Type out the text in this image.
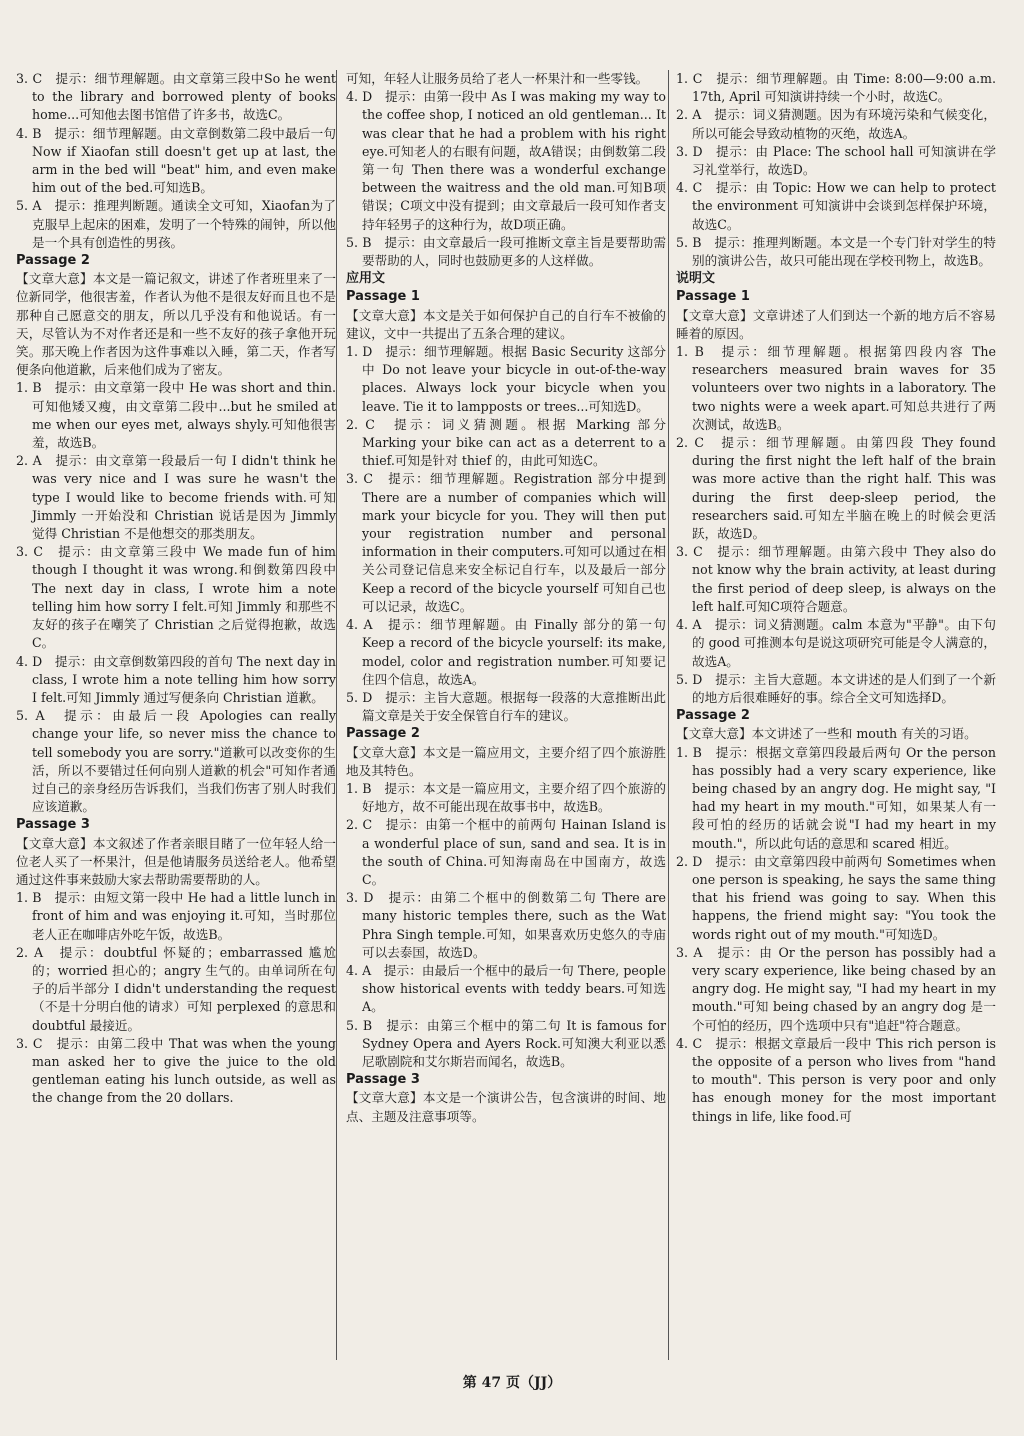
3. C　提示：细节理解题。由文章第三段中So he went to the library and borrowed plenty of books home...可知他去图书馆借了许多书，故选C。

4. B　提示：细节理解题。由文章倒数第二段中最后一句 Now if Xiaofan still doesn't get up at last, the arm in the bed will "beat" him, and even make him out of the bed.可知选B。

5. A　提示：推理判断题。通读全文可知，Xiaofan为了克服早上起床的困难，发明了一个特殊的闹钟，所以他是一个具有创造性的男孩。

Passage 2

【文章大意】本文是一篇记叙文，讲述了作者班里来了一位新同学，他很害羞，作者认为他不是很友好而且也不是那种自己愿意交的朋友，所以几乎没有和他说话。有一天，尽管认为不对作者还是和一些不友好的孩子拿他开玩笑。那天晚上作者因为这件事难以入睡，第二天，作者写便条向他道歉，后来他们成为了密友。

1. B　提示：由文章第一段中 He was short and thin.可知他矮又瘦，由文章第二段中...but he smiled at me when our eyes met, always shyly.可知他很害羞，故选B。

2. A　提示：由文章第一段最后一句 I didn't think he was very nice and I was sure he wasn't the type I would like to become friends with.可知 Jimmly 一开始没和 Christian 说话是因为 Jimmly 觉得 Christian 不是他想交的那类朋友。

3. C　提示：由文章第三段中 We made fun of him though I thought it was wrong.和倒数第四段中 The next day in class, I wrote him a note telling him how sorry I felt.可知 Jimmly 和那些不友好的孩子在嘲笑了 Christian 之后觉得抱歉，故选C。

4. D　提示：由文章倒数第四段的首句 The next day in class, I wrote him a note telling him how sorry I felt.可知 Jimmly 通过写便条向 Christian 道歉。

5. A　提示：由最后一段 Apologies can really change your life, so never miss the chance to tell somebody you are sorry."道歉可以改变你的生活，所以不要错过任何向别人道歉的机会"可知作者通过自己的亲身经历告诉我们，当我们伤害了别人时我们应该道歉。

Passage 3

【文章大意】本文叙述了作者亲眼目睹了一位年轻人给一位老人买了一杯果汁，但是他请服务员送给老人。他希望通过这件事来鼓励大家去帮助需要帮助的人。

1. B　提示：由短文第一段中 He had a little lunch in front of him and was enjoying it.可知，当时那位老人正在咖啡店外吃午饭，故选B。

2. A　提示：doubtful 怀疑的；embarrassed 尴尬的；worried 担心的；angry 生气的。由单词所在句子的后半部分 I didn't understanding the request（不是十分明白他的请求）可知 perplexed 的意思和 doubtful 最接近。

3. C　提示：由第二段中 That was when the young man asked her to give the juice to the old gentleman eating his lunch outside, as well as the change from the 20 dollars.

可知，年轻人让服务员给了老人一杯果汁和一些零钱。

4. D　提示：由第一段中 As I was making my way to the coffee shop, I noticed an old gentleman... It was clear that he had a problem with his right eye.可知老人的右眼有问题，故A错误；由倒数第二段第一句 Then there was a wonderful exchange between the waitress and the old man.可知B项错误；C项文中没有提到；由文章最后一段可知作者支持年轻男子的这种行为，故D项正确。

5. B　提示：由文章最后一段可推断文章主旨是要帮助需要帮助的人，同时也鼓励更多的人这样做。

应用文

Passage 1

【文章大意】本文是关于如何保护自己的自行车不被偷的建议，文中一共提出了五条合理的建议。

1. D　提示：细节理解题。根据 Basic Security 这部分中 Do not leave your bicycle in out-of-the-way places. Always lock your bicycle when you leave. Tie it to lampposts or trees...可知选D。

2. C　提示：词义猜测题。根据 Marking 部分 Marking your bike can act as a deterrent to a thief.可知是针对 thief 的，由此可知选C。

3. C　提示：细节理解题。Registration 部分中提到 There are a number of companies which will mark your bicycle for you. They will then put your registration number and personal information in their computers.可知可以通过在相关公司登记信息来安全标记自行车，以及最后一部分 Keep a record of the bicycle yourself 可知自己也可以记录，故选C。

4. A　提示：细节理解题。由 Finally 部分的第一句 Keep a record of the bicycle yourself: its make, model, color and registration number.可知要记住四个信息，故选A。

5. D　提示：主旨大意题。根据每一段落的大意推断出此篇文章是关于安全保管自行车的建议。

Passage 2

【文章大意】本文是一篇应用文，主要介绍了四个旅游胜地及其特色。

1. B　提示：本文是一篇应用文，主要介绍了四个旅游的好地方，故不可能出现在故事书中，故选B。

2. C　提示：由第一个框中的前两句 Hainan Island is a wonderful place of sun, sand and sea. It is in the south of China.可知海南岛在中国南方，故选C。

3. D　提示：由第二个框中的倒数第二句 There are many historic temples there, such as the Wat Phra Singh temple.可知，如果喜欢历史悠久的寺庙可以去泰国，故选D。

4. A　提示：由最后一个框中的最后一句 There, people show historical events with teddy bears.可知选A。

5. B　提示：由第三个框中的第二句 It is famous for Sydney Opera and Ayers Rock.可知澳大利亚以悉尼歌剧院和艾尔斯岩而闻名，故选B。

Passage 3

【文章大意】本文是一个演讲公告，包含演讲的时间、地点、主题及注意事项等。

1. C　提示：细节理解题。由 Time: 8:00—9:00 a.m. 17th, April 可知演讲持续一个小时，故选C。

2. A　提示：词义猜测题。因为有环境污染和气候变化，所以可能会导致动植物的灭绝，故选A。

3. D　提示：由 Place: The school hall 可知演讲在学习礼堂举行，故选D。

4. C　提示：由 Topic: How we can help to protect the environment 可知演讲中会谈到怎样保护环境，故选C。

5. B　提示：推理判断题。本文是一个专门针对学生的特别的演讲公告，故只可能出现在学校刊物上，故选B。

说明文

Passage 1

【文章大意】文章讲述了人们到达一个新的地方后不容易睡着的原因。

1. B　提示：细节理解题。根据第四段内容 The researchers measured brain waves for 35 volunteers over two nights in a laboratory. The two nights were a week apart.可知总共进行了两次测试，故选B。

2. C　提示：细节理解题。由第四段 They found during the first night the left half of the brain was more active than the right half. This was during the first deep-sleep period, the researchers said.可知左半脑在晚上的时候会更活跃，故选D。

3. C　提示：细节理解题。由第六段中 They also do not know why the brain activity, at least during the first period of deep sleep, is always on the left half.可知C项符合题意。

4. A　提示：词义猜测题。calm 本意为"平静"。由下句的 good 可推测本句是说这项研究可能是令人满意的，故选A。

5. D　提示：主旨大意题。本文讲述的是人们到了一个新的地方后很难睡好的事。综合全文可知选择D。

Passage 2

【文章大意】本文讲述了一些和 mouth 有关的习语。

1. B　提示：根据文章第四段最后两句 Or the person has possibly had a very scary experience, like being chased by an angry dog. He might say, "I had my heart in my mouth."可知，如果某人有一段可怕的经历的话就会说"I had my heart in my mouth."，所以此句话的意思和 scared 相近。

2. D　提示：由文章第四段中前两句 Sometimes when one person is speaking, he says the same thing that his friend was going to say. When this happens, the friend might say: "You took the words right out of my mouth."可知选D。

3. A　提示：由 Or the person has possibly had a very scary experience, like being chased by an angry dog. He might say, "I had my heart in my mouth."可知 being chased by an angry dog 是一个可怕的经历，四个选项中只有"追赶"符合题意。

4. C　提示：根据文章最后一段中 This rich person is the opposite of a person who lives from "hand to mouth". This person is very poor and only has enough money for the most important things in life, like food.可

第 47 页（JJ）
